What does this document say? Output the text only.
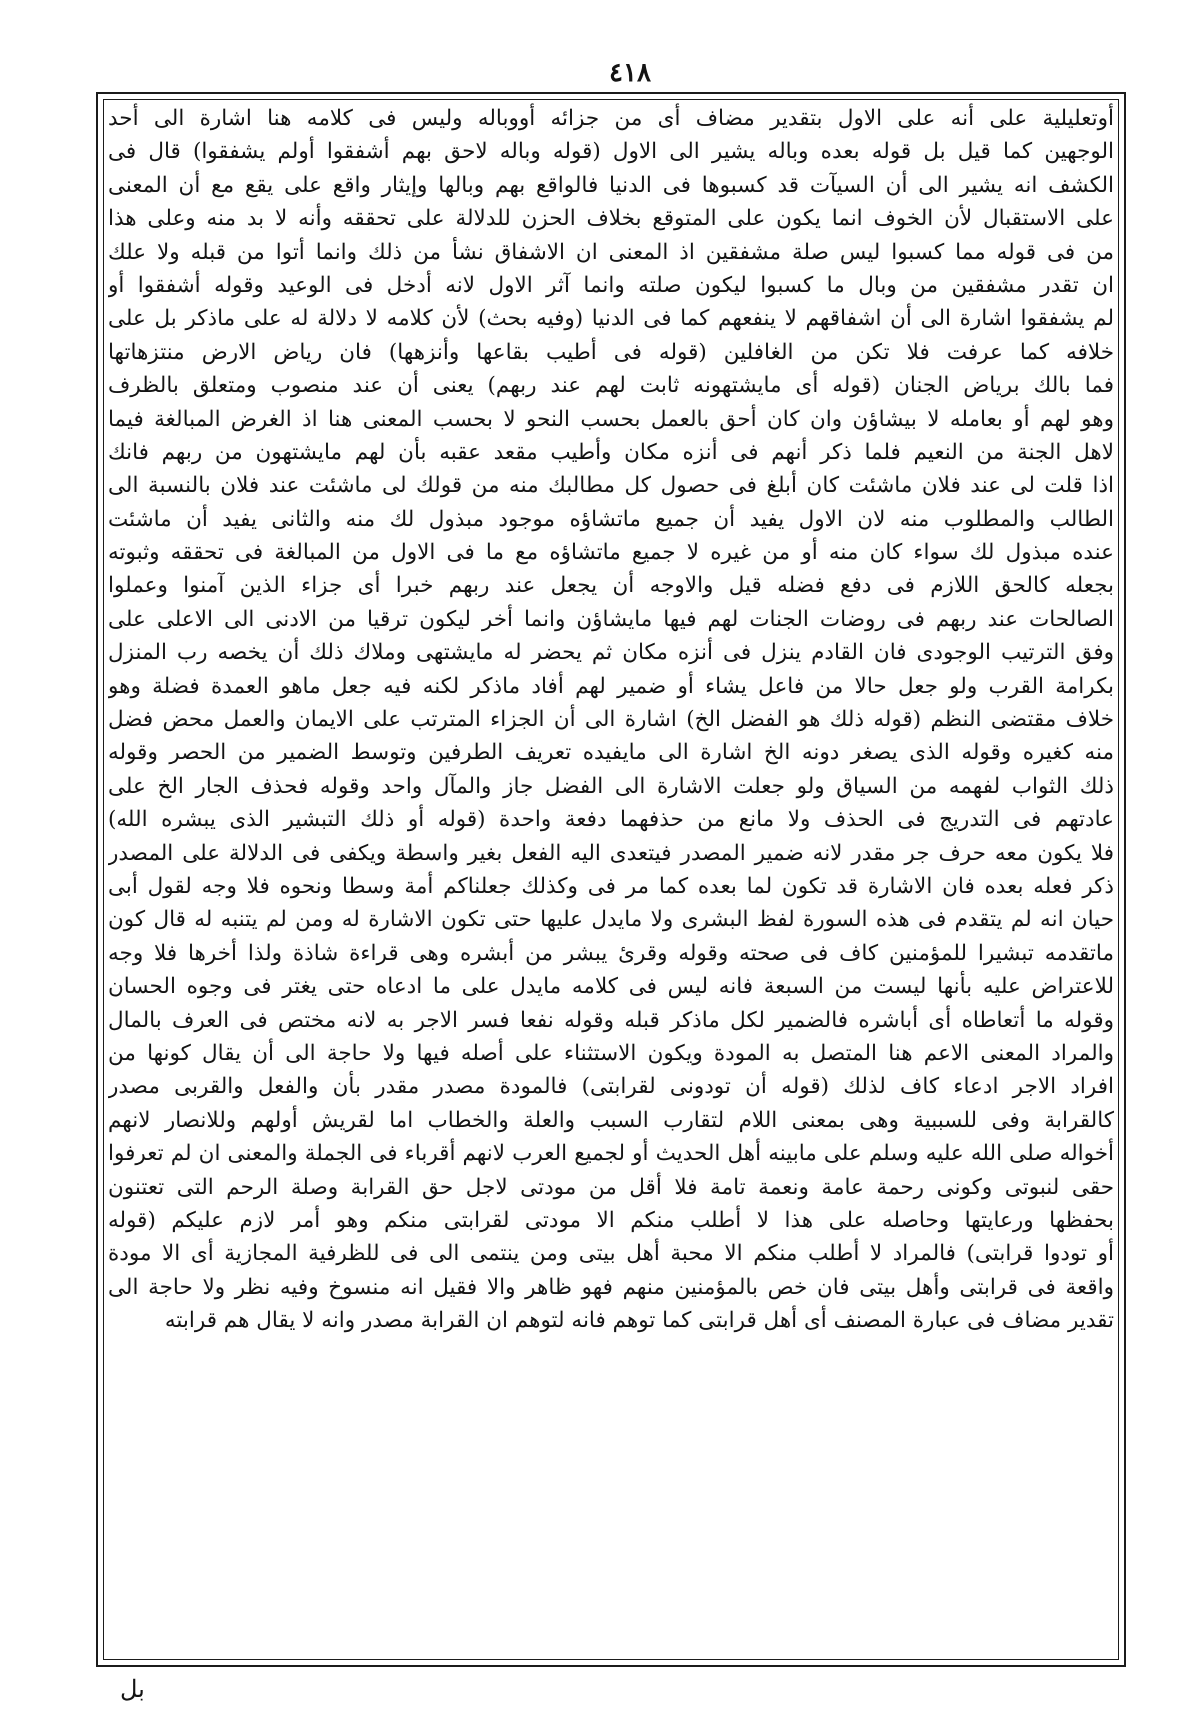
٤١٨
أوتعليلية على أنه على الاول بتقدير مضاف أى من جزائه أووباله وليس فى كلامه هنا اشارة الى أحد
الوجهين كما قيل بل قوله بعده وباله يشير الى الاول (قوله وباله لاحق بهم أشفقوا أولم يشفقوا) قال فى
الكشف انه يشير الى أن السيآت قد كسبوها فى الدنيا فالواقع بهم وبالها وإيثار واقع على يقع مع أن المعنى
على الاستقبال لأن الخوف انما يكون على المتوقع بخلاف الحزن للدلالة على تحققه وأنه لا بد منه وعلى هذا
من فى قوله مما كسبوا ليس صلة مشفقين اذ المعنى ان الاشفاق نشأ من ذلك وانما أتوا من قبله ولا علك
ان تقدر مشفقين من وبال ما كسبوا ليكون صلته وانما آثر الاول لانه أدخل فى الوعيد وقوله أشفقوا أو
لم يشفقوا اشارة الى أن اشفاقهم لا ينفعهم كما فى الدنيا (وفيه بحث) لأن كلامه لا دلالة له على ماذكر بل على
خلافه كما عرفت فلا تكن من الغافلين (قوله فى أطيب بقاعها وأنزهها) فان رياض الارض منتزهاتها
فما بالك برياض الجنان (قوله أى مايشتهونه ثابت لهم عند ربهم) يعنى أن عند منصوب ومتعلق بالظرف
وهو لهم أو بعامله لا بيشاؤن وان كان أحق بالعمل بحسب النحو لا بحسب المعنى هنا اذ الغرض المبالغة فيما
لاهل الجنة من النعيم فلما ذكر أنهم فى أنزه مكان وأطيب مقعد عقبه بأن لهم مايشتهون من ربهم فانك
اذا قلت لى عند فلان ماشئت كان أبلغ فى حصول كل مطالبك منه من قولك لى ماشئت عند فلان بالنسبة الى
الطالب والمطلوب منه لان الاول يفيد أن جميع ماتشاؤه موجود مبذول لك منه والثانى يفيد أن ماشئت
عنده مبذول لك سواء كان منه أو من غيره لا جميع ماتشاؤه مع ما فى الاول من المبالغة فى تحققه وثبوته
بجعله كالحق اللازم فى دفع فضله قيل والاوجه أن يجعل عند ربهم خبرا أى جزاء الذين آمنوا وعملوا
الصالحات عند ربهم فى روضات الجنات لهم فيها مايشاؤن وانما أخر ليكون ترقيا من الادنى الى الاعلى على
وفق الترتيب الوجودى فان القادم ينزل فى أنزه مكان ثم يحضر له مايشتهى وملاك ذلك أن يخصه رب المنزل
بكرامة القرب ولو جعل حالا من فاعل يشاء أو ضمير لهم أفاد ماذكر لكنه فيه جعل ماهو العمدة فضلة وهو
خلاف مقتضى النظم (قوله ذلك هو الفضل الخ) اشارة الى أن الجزاء المترتب على الايمان والعمل محض فضل
منه كغيره وقوله الذى يصغر دونه الخ اشارة الى مايفيده تعريف الطرفين وتوسط الضمير من الحصر وقوله
ذلك الثواب لفهمه من السياق ولو جعلت الاشارة الى الفضل جاز والمآل واحد وقوله فحذف الجار الخ على
عادتهم فى التدريج فى الحذف ولا مانع من حذفهما دفعة واحدة (قوله أو ذلك التبشير الذى يبشره الله)
فلا يكون معه حرف جر مقدر لانه ضمير المصدر فيتعدى اليه الفعل بغير واسطة ويكفى فى الدلالة على المصدر
ذكر فعله بعده فان الاشارة قد تكون لما بعده كما مر فى وكذلك جعلناكم أمة وسطا ونحوه فلا وجه لقول أبى
حيان انه لم يتقدم فى هذه السورة لفظ البشرى ولا مايدل عليها حتى تكون الاشارة له ومن لم يتنبه له قال كون
ماتقدمه تبشيرا للمؤمنين كاف فى صحته وقوله وقرئ يبشر من أبشره وهى قراءة شاذة ولذا أخرها فلا وجه
للاعتراض عليه بأنها ليست من السبعة فانه ليس فى كلامه مايدل على ما ادعاه حتى يغتر فى وجوه الحسان
وقوله ما أتعاطاه أى أباشره فالضمير لكل ماذكر قبله وقوله نفعا فسر الاجر به لانه مختص فى العرف بالمال
والمراد المعنى الاعم هنا المتصل به المودة ويكون الاستثناء على أصله فيها ولا حاجة الى أن يقال كونها من
افراد الاجر ادعاء كاف لذلك (قوله أن تودونى لقرابتى) فالمودة مصدر مقدر بأن والفعل والقربى مصدر
كالقرابة وفى للسببية وهى بمعنى اللام لتقارب السبب والعلة والخطاب اما لقريش أولهم وللانصار لانهم
أخواله صلى الله عليه وسلم على مابينه أهل الحديث أو لجميع العرب لانهم أقرباء فى الجملة والمعنى ان لم تعرفوا
حقى لنبوتى وكونى رحمة عامة ونعمة تامة فلا أقل من مودتى لاجل حق القرابة وصلة الرحم التى تعتنون
بحفظها ورعايتها وحاصله على هذا لا أطلب منكم الا مودتى لقرابتى منكم وهو أمر لازم عليكم (قوله
أو تودوا قرابتى) فالمراد لا أطلب منكم الا محبة أهل بيتى ومن ينتمى الى فى للظرفية المجازية أى الا مودة
واقعة فى قرابتى وأهل بيتى فان خص بالمؤمنين منهم فهو ظاهر والا فقيل انه منسوخ وفيه نظر ولا حاجة الى
تقدير مضاف فى عبارة المصنف أى أهل قرابتى كما توهم فانه لتوهم ان القرابة مصدر وانه لا يقال هم قرابته
بل
